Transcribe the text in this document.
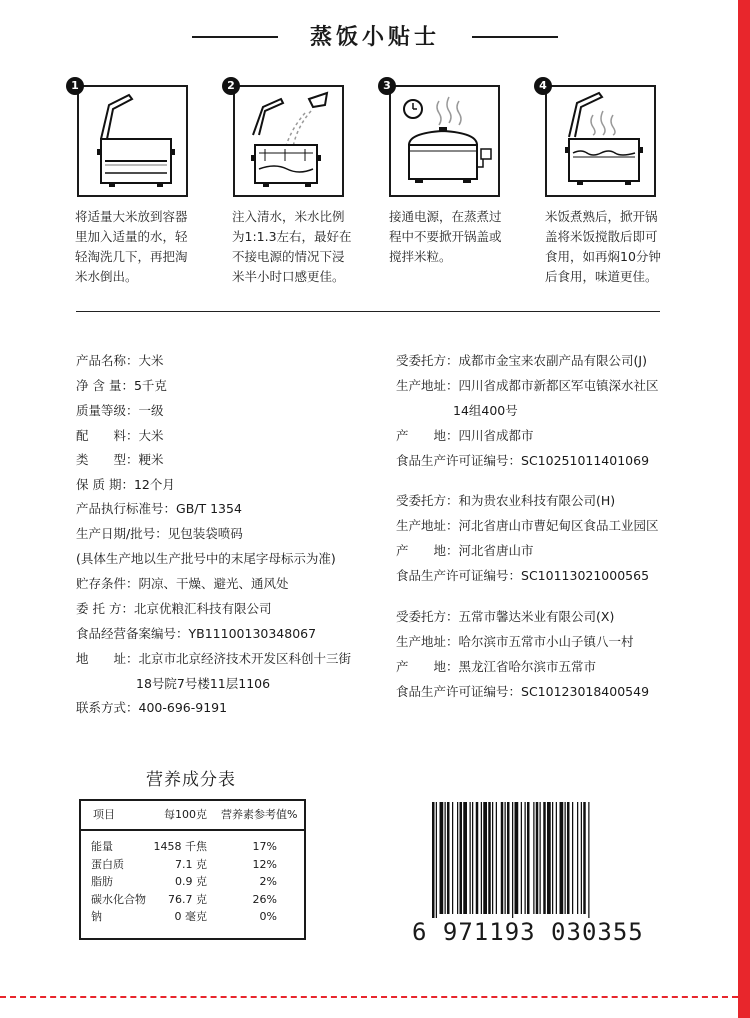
蒸饭小贴士
1
将适量大米放到容器
里加入适量的水，轻
轻淘洗几下，再把淘
米水倒出。
2
注入清水，米水比例
为1:1.3左右，最好在
不接电源的情况下浸
米半小时口感更佳。
3
接通电源，在蒸煮过
程中不要掀开锅盖或
搅拌米粒。
4
米饭煮熟后，掀开锅
盖将米饭搅散后即可
食用，如再焖10分钟
后食用，味道更佳。
产品名称：大米
净 含 量：5千克
质量等级：一级
配　　料：大米
类　　型：粳米
保 质 期：12个月
产品执行标准号：GB/T 1354
生产日期/批号：见包装袋喷码
(具体生产地以生产批号中的末尾字母标示为准)
贮存条件：阴凉、干燥、避光、通风处
委 托 方：北京优粮汇科技有限公司
食品经营备案编号：YB11100130348067
地　　址：北京市北京经济技术开发区科创十三街
18号院7号楼11层1106
联系方式：400-696-9191
受委托方：成都市金宝来农副产品有限公司(J)
生产地址：四川省成都市新都区军屯镇深水社区
14组400号
产　　地：四川省成都市
食品生产许可证编号：SC10251011401069
受委托方：和为贵农业科技有限公司(H)
生产地址：河北省唐山市曹妃甸区食品工业园区
产　　地：河北省唐山市
食品生产许可证编号：SC10113021000565
受委托方：五常市馨达米业有限公司(X)
生产地址：哈尔滨市五常市小山子镇八一村
产　　地：黑龙江省哈尔滨市五常市
食品生产许可证编号：SC10123018400549
营养成分表
项目	每100克 营养素参考值%
能量	1458 千焦	17%
蛋白质	7.1 克	12%
脂肪	0.9 克	2%
碳水化合物	76.7 克	26%
钠	0 毫克	0%
6 971193 030355
